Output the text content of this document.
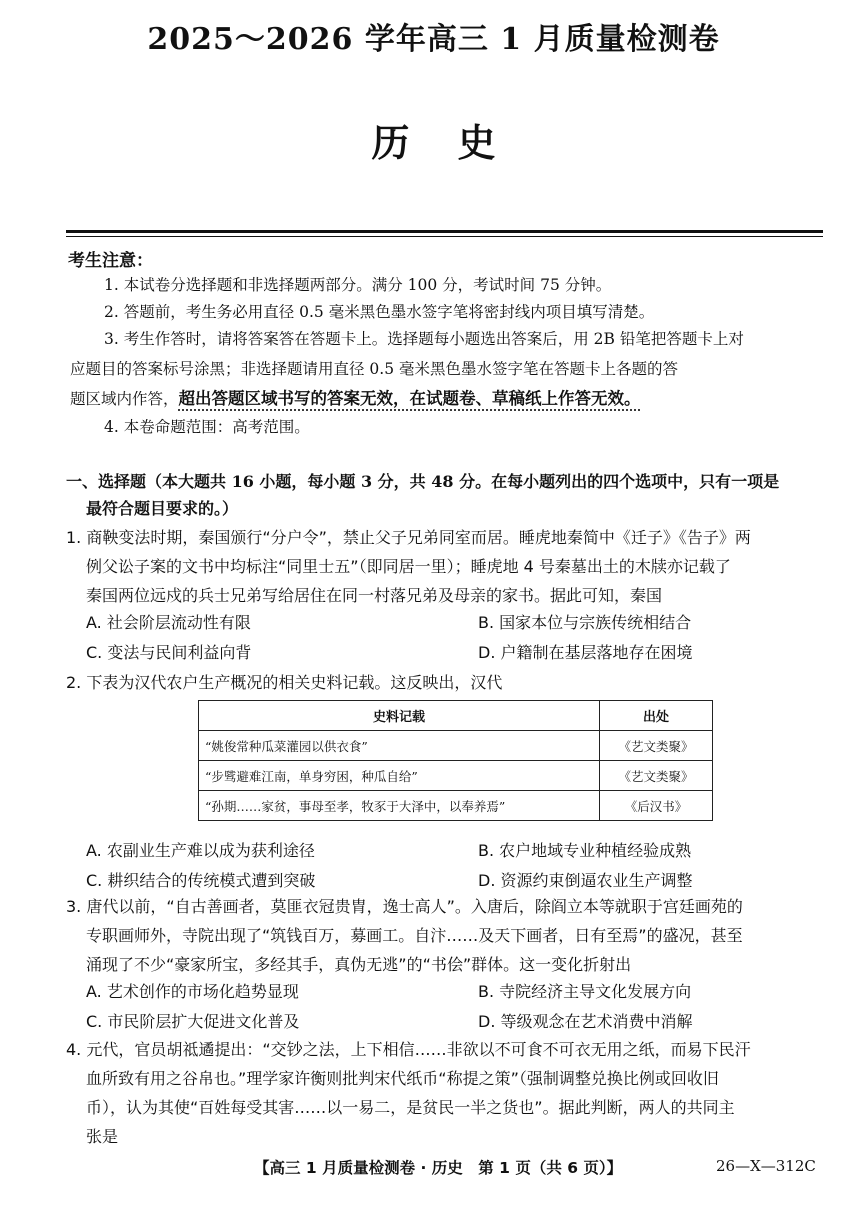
2025～2026 学年高三 1 月质量检测卷
历史
考生注意：
1. 本试卷分选择题和非选择题两部分。满分 100 分，考试时间 75 分钟。
2. 答题前，考生务必用直径 0.5 毫米黑色墨水签字笔将密封线内项目填写清楚。
3. 考生作答时，请将答案答在答题卡上。选择题每小题选出答案后，用 2B 铅笔把答题卡上对
应题目的答案标号涂黑；非选择题请用直径 0.5 毫米黑色墨水签字笔在答题卡上各题的答
题区域内作答，超出答题区域书写的答案无效，在试题卷、草稿纸上作答无效。
4. 本卷命题范围：高考范围。
一、选择题（本大题共 16 小题，每小题 3 分，共 48 分。在每小题列出的四个选项中，只有一项是
最符合题目要求的。）
1. 商鞅变法时期，秦国颁行“分户令”，禁止父子兄弟同室而居。睡虎地秦简中《迁子》《告子》两
例父讼子案的文书中均标注“同里士五”（即同居一里）；睡虎地 4 号秦墓出土的木牍亦记载了
秦国两位远戍的兵士兄弟写给居住在同一村落兄弟及母亲的家书。据此可知，秦国
A. 社会阶层流动性有限	B. 国家本位与宗族传统相结合
C. 变法与民间利益向背	D. 户籍制在基层落地存在困境
2. 下表为汉代农户生产概况的相关史料记载。这反映出，汉代
史料记载	出处
“姚俊常种瓜菜灌园以供衣食”	《艺文类聚》
“步骘避难江南，单身穷困，种瓜自给”	《艺文类聚》
“孙期……家贫，事母至孝，牧豕于大泽中，以奉养焉”	《后汉书》
A. 农副业生产难以成为获利途径	B. 农户地域专业种植经验成熟
C. 耕织结合的传统模式遭到突破	D. 资源约束倒逼农业生产调整
3. 唐代以前，“自古善画者，莫匪衣冠贵胄，逸士高人”。入唐后，除阎立本等就职于宫廷画苑的
专职画师外，寺院出现了“筑钱百万，募画工。自汴……及天下画者，日有至焉”的盛况，甚至
涌现了不少“豪家所宝，多经其手，真伪无逃”的“书侩”群体。这一变化折射出
A. 艺术创作的市场化趋势显现	B. 寺院经济主导文化发展方向
C. 市民阶层扩大促进文化普及	D. 等级观念在艺术消费中消解
4. 元代，官员胡祗遹提出：“交钞之法，上下相信……非欲以不可食不可衣无用之纸，而易下民汗
血所致有用之谷帛也。”理学家许衡则批判宋代纸币“称提之策”（强制调整兑换比例或回收旧
币），认为其使“百姓每受其害……以一易二，是贫民一半之货也”。据此判断，两人的共同主
张是
【高三 1 月质量检测卷 · 历史　第 1 页（共 6 页）】	26—X—312C
